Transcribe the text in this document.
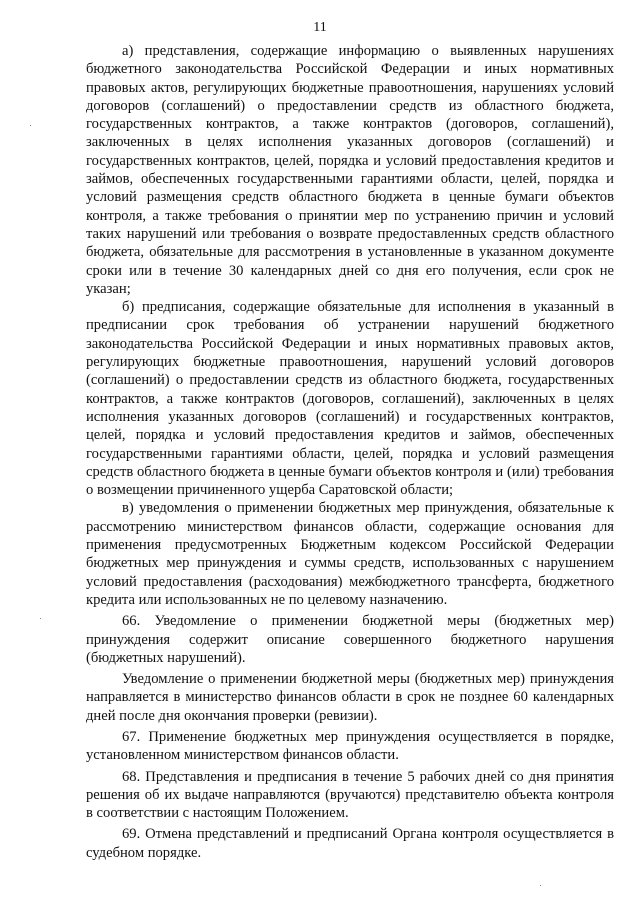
11

а) представления, содержащие информацию о выявленных нарушениях бюджетного законодательства Российской Федерации и иных нормативных правовых актов, регулирующих бюджетные правоотношения, нарушениях условий договоров (соглашений) о предоставлении средств из областного бюджета, государственных контрактов, а также контрактов (договоров, соглашений), заключенных в целях исполнения указанных договоров (соглашений) и государственных контрактов, целей, порядка и условий предоставления кредитов и займов, обеспеченных государственными гарантиями области, целей, порядка и условий размещения средств областного бюджета в ценные бумаги объектов контроля, а также требования о принятии мер по устранению причин и условий таких нарушений или требования о возврате предоставленных средств областного бюджета, обязательные для рассмотрения в установленные в указанном документе сроки или в течение 30 календарных дней со дня его получения, если срок не указан;

б) предписания, содержащие обязательные для исполнения в указанный в предписании срок требования об устранении нарушений бюджетного законодательства Российской Федерации и иных нормативных правовых актов, регулирующих бюджетные правоотношения, нарушений условий договоров (соглашений) о предоставлении средств из областного бюджета, государственных контрактов, а также контрактов (договоров, соглашений), заключенных в целях исполнения указанных договоров (соглашений) и государственных контрактов, целей, порядка и условий предоставления кредитов и займов, обеспеченных государственными гарантиями области, целей, порядка и условий размещения средств областного бюджета в ценные бумаги объектов контроля и (или) требования о возмещении причиненного ущерба Саратовской области;

в) уведомления о применении бюджетных мер принуждения, обязательные к рассмотрению министерством финансов области, содержащие основания для применения предусмотренных Бюджетным кодексом Российской Федерации бюджетных мер принуждения и суммы средств, использованных с нарушением условий предоставления (расходования) межбюджетного трансферта, бюджетного кредита или использованных не по целевому назначению.

66. Уведомление о применении бюджетной меры (бюджетных мер) принуждения содержит описание совершенного бюджетного нарушения (бюджетных нарушений).

Уведомление о применении бюджетной меры (бюджетных мер) принуждения направляется в министерство финансов области в срок не позднее 60 календарных дней после дня окончания проверки (ревизии).

67. Применение бюджетных мер принуждения осуществляется в порядке, установленном министерством финансов области.

68. Представления и предписания в течение 5 рабочих дней со дня принятия решения об их выдаче направляются (вручаются) представителю объекта контроля в соответствии с настоящим Положением.

69. Отмена представлений и предписаний Органа контроля осуществляется в судебном порядке.
